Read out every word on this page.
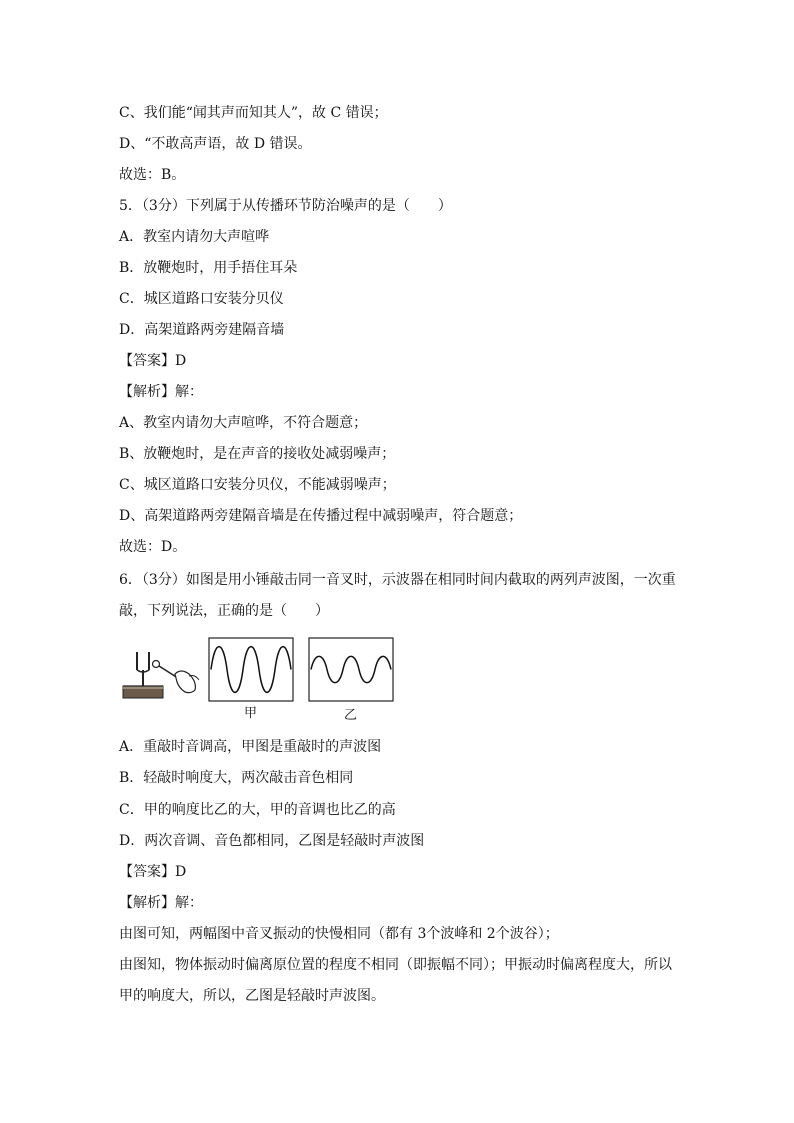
C、我们能“闻其声而知其人”，故 C 错误；
D、“不敢高声语，故 D 错误。
故选：B。
5．（3分）下列属于从传播环节防治噪声的是（　　）
A．教室内请勿大声喧哗
B．放鞭炮时，用手捂住耳朵
C．城区道路口安装分贝仪
D．高架道路两旁建隔音墙
【答案】D
【解析】解：
A、教室内请勿大声喧哗，不符合题意；
B、放鞭炮时，是在声音的接收处减弱噪声；
C、城区道路口安装分贝仪，不能减弱噪声；
D、高架道路两旁建隔音墙是在传播过程中减弱噪声，符合题意；
故选：D。
6．（3分）如图是用小锤敲击同一音叉时，示波器在相同时间内截取的两列声波图，一次重
敲，下列说法，正确的是（　　）
甲	乙
A．重敲时音调高，甲图是重敲时的声波图
B．轻敲时响度大，两次敲击音色相同
C．甲的响度比乙的大，甲的音调也比乙的高
D．两次音调、音色都相同，乙图是轻敲时声波图
【答案】D
【解析】解：
由图可知，两幅图中音叉振动的快慢相同（都有 3个波峰和 2个波谷）；
由图知，物体振动时偏离原位置的程度不相同（即振幅不同）；甲振动时偏离程度大，所以
甲的响度大，所以，乙图是轻敲时声波图。
